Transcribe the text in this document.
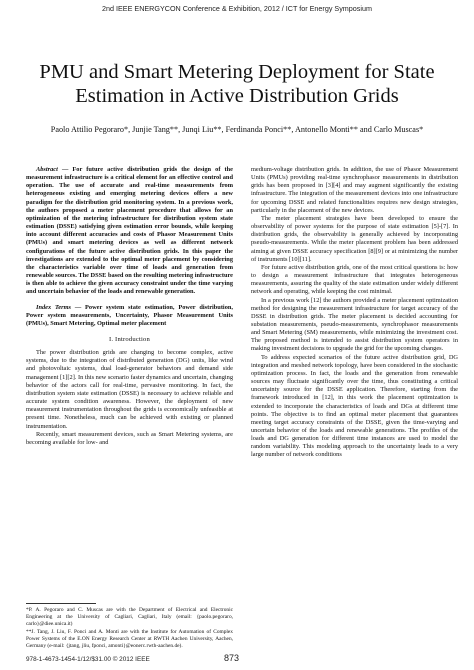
2nd IEEE ENERGYCON Conference & Exhibition, 2012 / ICT for Energy Symposium
PMU and Smart Metering Deployment for State Estimation in Active Distribution Grids
Paolo Attilio Pegoraro*, Junjie Tang**, Junqi Liu**, Ferdinanda Ponci**, Antonello Monti** and Carlo Muscas*

Abstract — For future active distribution grids the design of the measurement infrastructure is a critical element for an effective control and operation. The use of accurate and real-time measurements from heterogeneous existing and emerging metering devices offers a new paradigm for the distribution grid monitoring system. In a previous work, the authors proposed a meter placement procedure that allows for an optimization of the metering infrastructure for distribution system state estimation (DSSE) satisfying given estimation error bounds, while keeping into account different accuracies and costs of Phasor Measurement Units (PMUs) and smart metering devices as well as different network configurations of the future active distribution grids. In this paper the investigations are extended to the optimal meter placement by considering the characteristics variable over time of loads and generation from renewable sources. The DSSE based on the resulting metering infrastructure is then able to achieve the given accuracy constraint under the time varying and uncertain behavior of the loads and renewable generation.

Index Terms — Power system state estimation, Power distribution, Power system measurements, Uncertainty, Phasor Measurement Units (PMUs), Smart Metering, Optimal meter placement

I. Introduction

The power distribution grids are changing to become complex, active systems, due to the integration of distributed generation (DG) units, like wind and photovoltaic systems, dual load-generator behaviors and demand side management [1][2]. In this new scenario faster dynamics and uncertain, changing behavior of the actors call for real-time, pervasive monitoring. In fact, the distribution system state estimation (DSSE) is necessary to achieve reliable and accurate system condition awareness. However, the deployment of new measurement instrumentation throughout the grids is economically unfeasible at present time. Nonetheless, much can be achieved with existing or planned instrumentation.

Recently, smart measurement devices, such as Smart Metering systems, are becoming available for low- and

medium-voltage distribution grids. In addition, the use of Phasor Measurement Units (PMUs) providing real-time synchrophasor measurements in distribution grids has been proposed in [3][4] and may augment significantly the existing infrastructure. The integration of the measurement devices into one infrastructure for upcoming DSSE and related functionalities requires new design strategies, particularly in the placement of the new devices.

The meter placement strategies have been developed to ensure the observability of power systems for the purpose of state estimation [5]-[7]. In distribution grids, the observability is generally achieved by incorporating pseudo-measurements. While the meter placement problem has been addressed aiming at given DSSE accuracy specification [8][9] or at minimizing the number of instruments [10][11].

For future active distribution grids, one of the most critical questions is: how to design a measurement infrastructure that integrates heterogeneous measurements, assuring the quality of the state estimation under widely different network and operating, while keeping the cost minimal.

In a previous work [12] the authors provided a meter placement optimization method for designing the measurement infrastructure for target accuracy of the DSSE in distribution grids. The meter placement is decided accounting for substation measurements, pseudo-measurements, synchrophasor measurements and Smart Metering (SM) measurements, while minimizing the investment cost. The proposed method is intended to assist distribution system operators in making investment decisions to upgrade the grid for the upcoming changes.

To address expected scenarios of the future active distribution grid, DG integration and meshed network topology, have been considered in the stochastic optimization process. In fact, the loads and the generation from renewable sources may fluctuate significantly over the time, thus constituting a critical uncertainty source for the DSSE application. Therefore, starting from the framework introduced in [12], in this work the placement optimization is extended to incorporate the characteristics of loads and DGs at different time points. The objective is to find an optimal meter placement that guarantees meeting target accuracy constraints of the DSSE, given the time-varying and uncertain behavior of the loads and renewable generations. The profiles of the loads and DG generation for different time instances are used to model the random variability. This modeling approach to the uncertainty leads to a very large number of network conditions

*P. A. Pegoraro and C. Muscas are with the Department of Electrical and Electronic Engineering at the University of Cagliari, Cagliari, Italy (email: {paolo.pegoraro, carlo}@diee.unica.it)

**J. Tang, J. Liu, F. Ponci and A. Monti are with the Institute for Automation of Complex Power Systems of the E.ON Energy Research Center at RWTH Aachen University, Aachen, Germany (e-mail: {jtang, jliu, fponci, amonti}@eonerc.rwth-aachen.de).

978-1-4673-1454-1/12/$31.00 © 2012 IEEE	873
